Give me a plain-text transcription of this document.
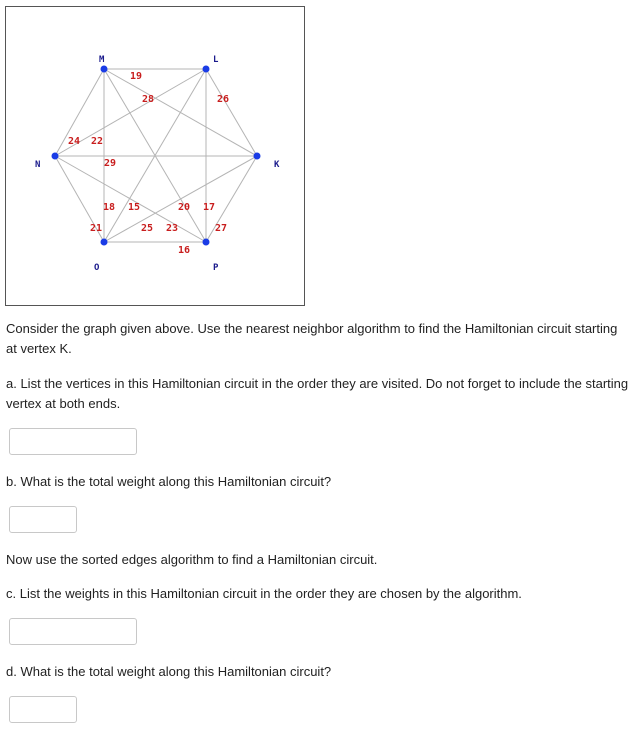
M	L
N	K
O	P
19
28	26
24 22
29
18 15	20 17
21	25 23	27
16

Consider the graph given above. Use the nearest neighbor algorithm to find the Hamiltonian circuit starting at vertex K.

a. List the vertices in this Hamiltonian circuit in the order they are visited. Do not forget to include the starting vertex at both ends.

b. What is the total weight along this Hamiltonian circuit?

Now use the sorted edges algorithm to find a Hamiltonian circuit.

c. List the weights in this Hamiltonian circuit in the order they are chosen by the algorithm.

d. What is the total weight along this Hamiltonian circuit?
